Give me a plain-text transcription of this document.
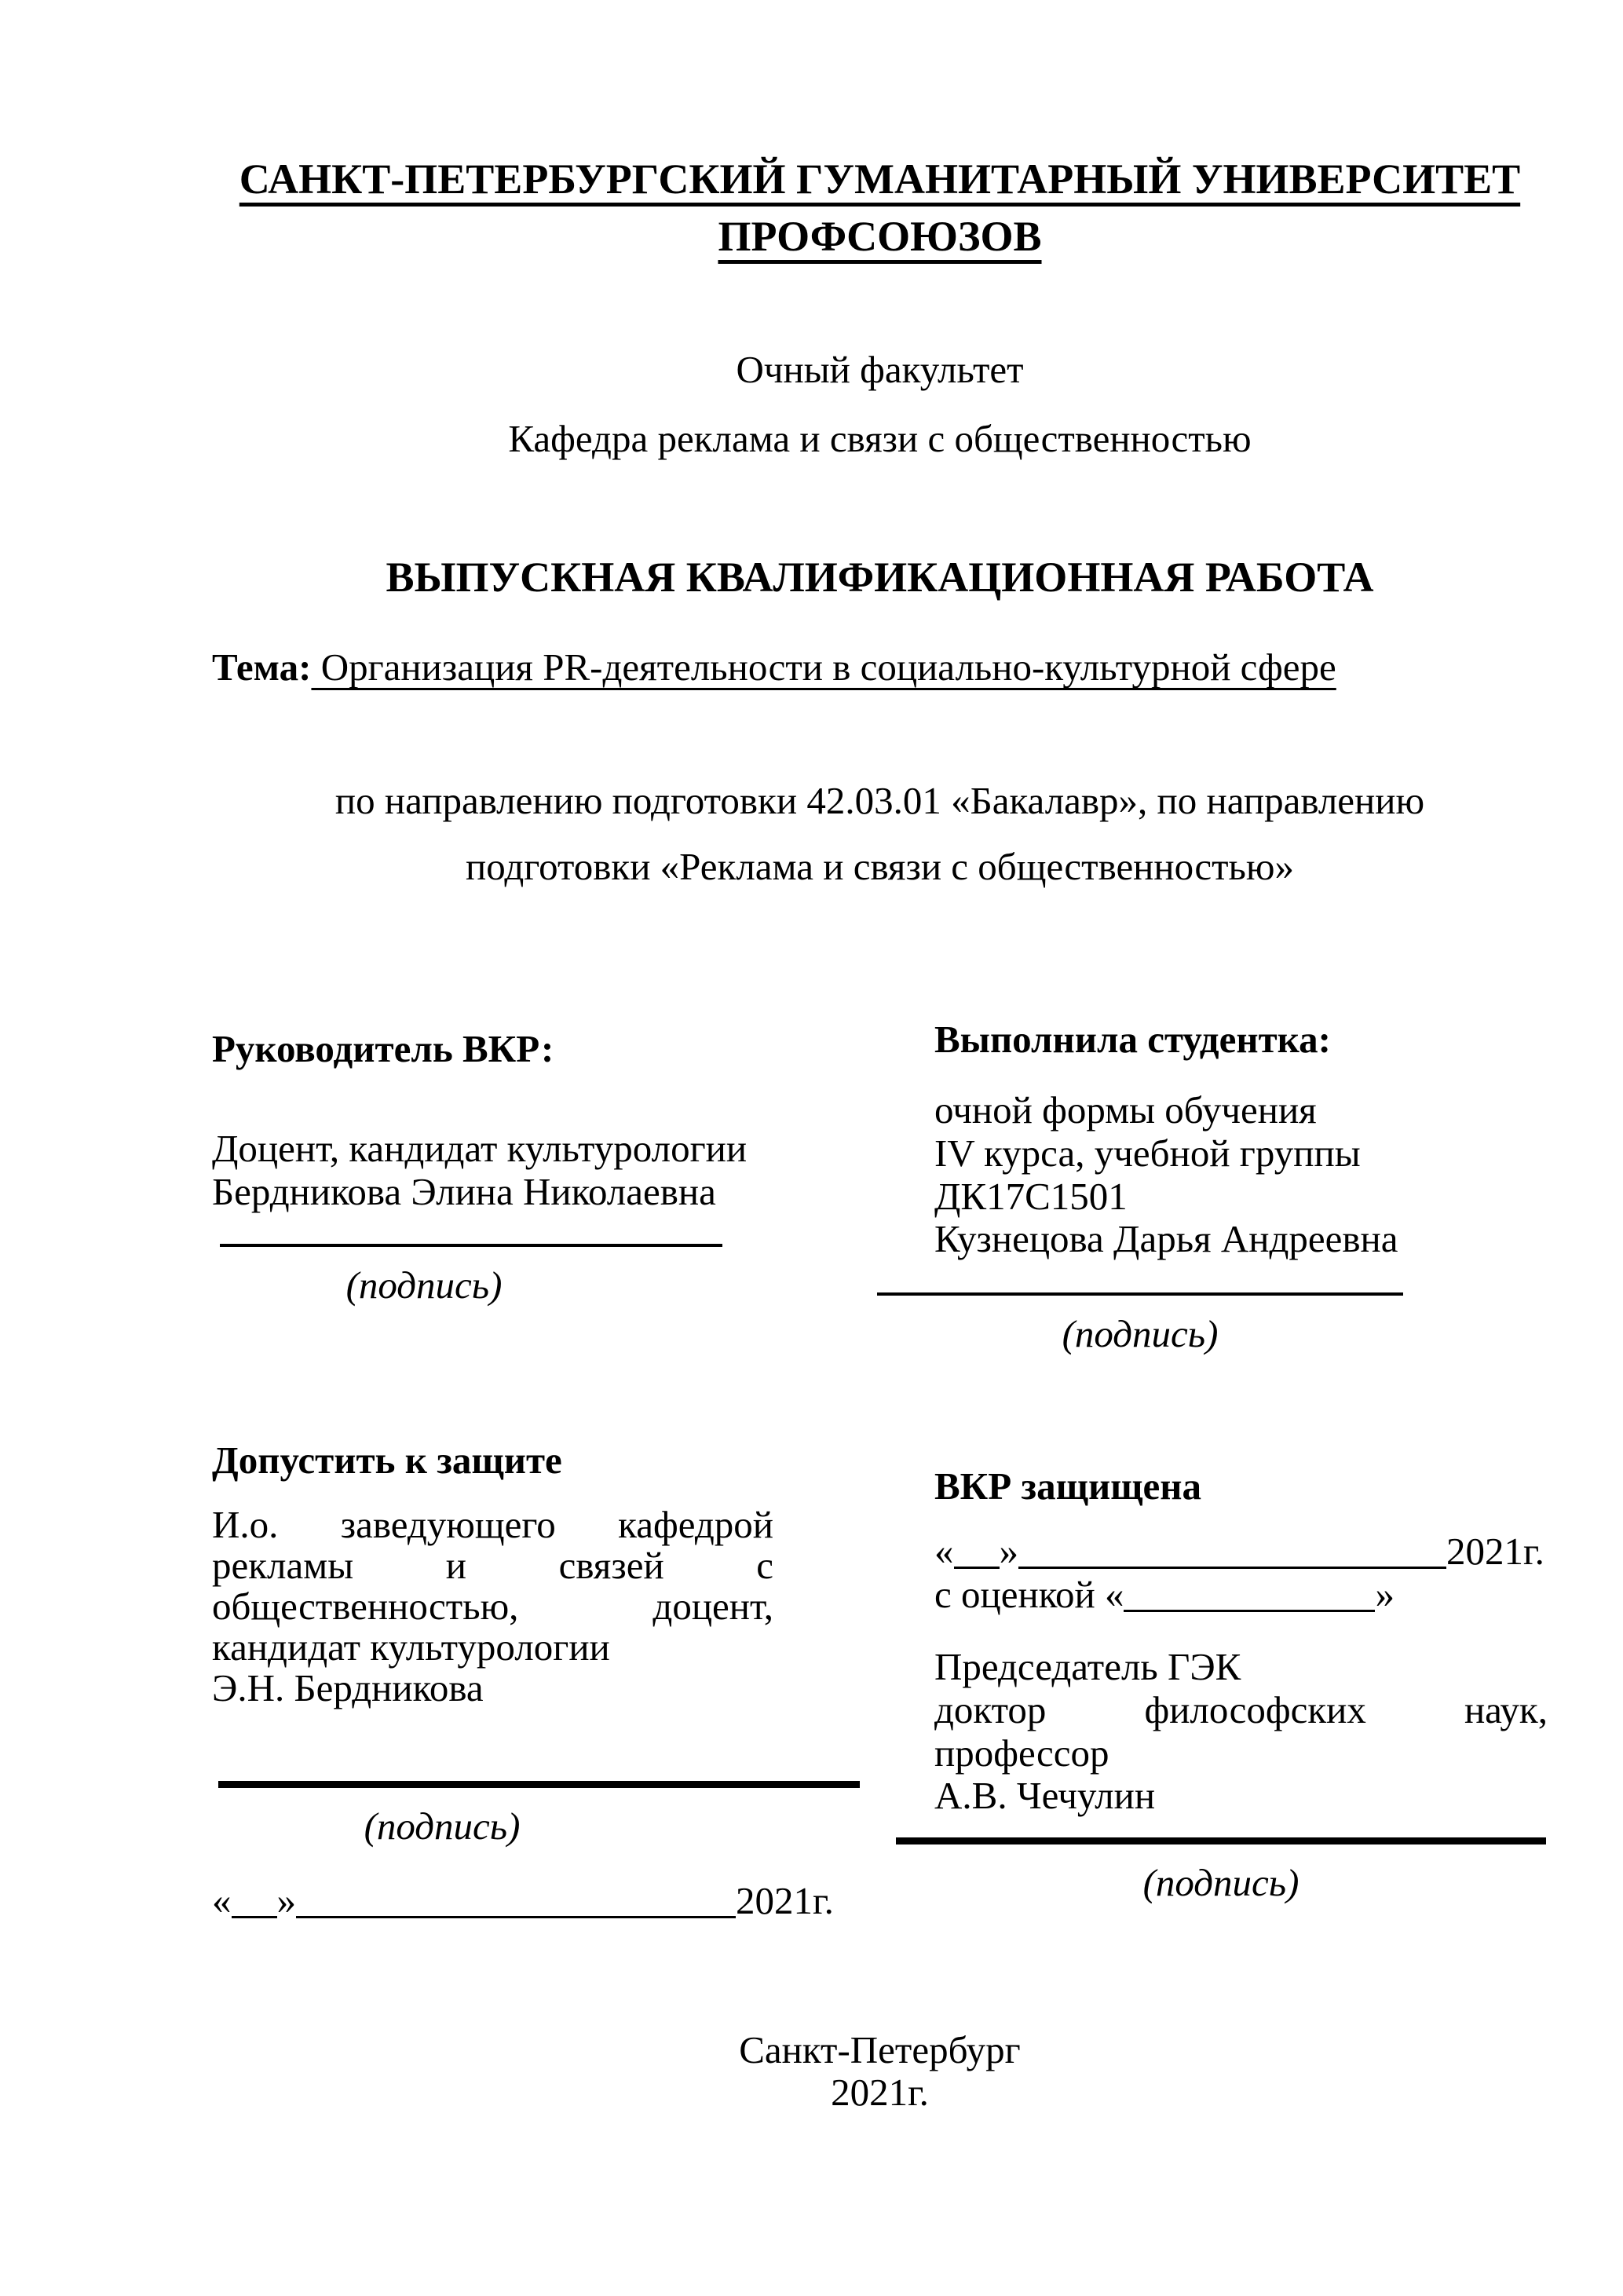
САНКТ-ПЕТЕРБУРГСКИЙ ГУМАНИТАРНЫЙ УНИВЕРСИТЕТ
ПРОФСОЮЗОВ
Очный факультет
Кафедра реклама и связи с общественностью
ВЫПУСКНАЯ КВАЛИФИКАЦИОННАЯ РАБОТА
Тема: Организация PR-деятельности в социально-культурной сфере
по направлению подготовки 42.03.01 «Бакалавр», по направлению
подготовки «Реклама и связи с общественностью»
Руководитель ВКР:
Доцент, кандидат культурологии
Бердникова Элина Николаевна
(подпись)
Выполнила студентка:
очной формы обучения
IV курса, учебной группы
ДК17С1501
Кузнецова Дарья Андреевна
(подпись)
Допустить к защите
И.о. заведующего кафедрой
рекламы и связей с
общественностью, доцент,
кандидат культурологии
Э.Н. Бердникова
(подпись)
« »	2021г.
ВКР защищена
« »	2021г.
с оценкой «	»
Председатель ГЭК
доктор философских наук, профессор
А.В. Чечулин
(подпись)
Санкт-Петербург
2021г.
